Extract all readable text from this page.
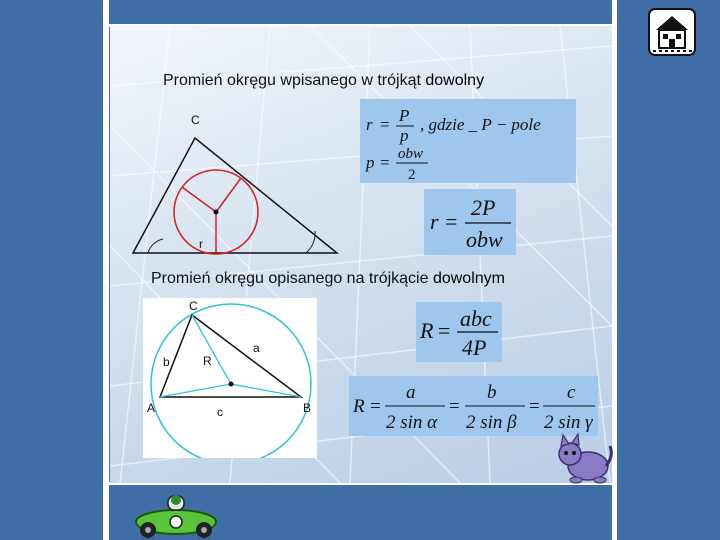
Promień okręgu wpisanego w trójkąt dowolny
C
r
r = P
p
, gdzie _ P − pole
p = obw
2
r =
2P
obw
Promień okręgu opisanego na trójkącie dowolnym
C
A	B
a
b
c
R
R = abc
4P
R =
a
2 sin α
=
b
2 sin β
=
c
2 sin γ
